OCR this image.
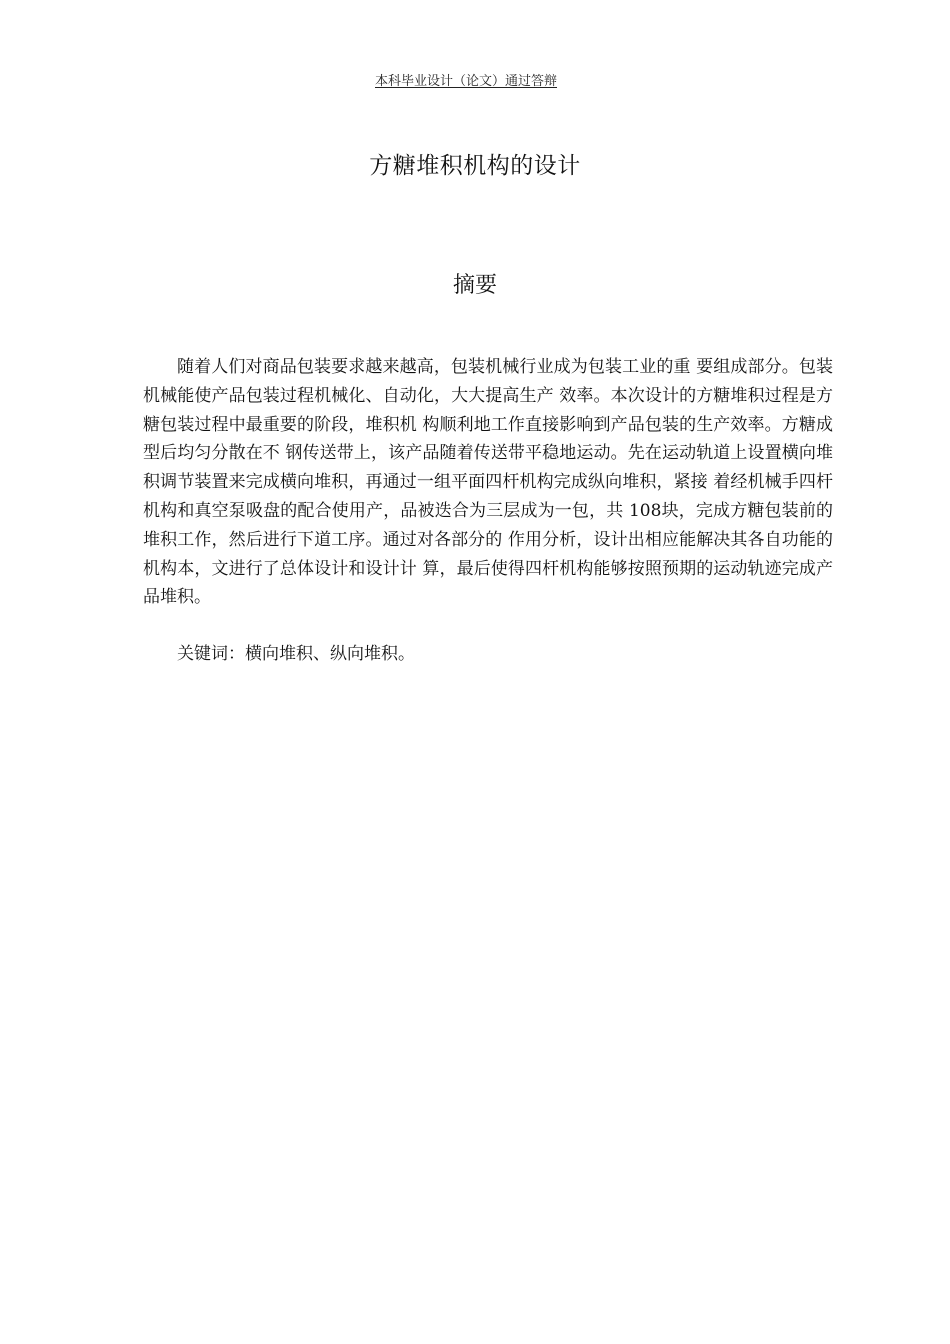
本科毕业设计（论文）通过答辩
方糖堆积机构的设计
摘要

随着人们对商品包装要求越来越高，包装机械行业成为包装工业的重 要组成部分。包装机械能使产品包装过程机械化、自动化，大大提高生产 效率。本次设计的方糖堆积过程是方糖包装过程中最重要的阶段，堆积机 构顺利地工作直接影响到产品包装的生产效率。方糖成型后均匀分散在不 钢传送带上，该产品随着传送带平稳地运动。先在运动轨道上设置横向堆 积调节装置来完成横向堆积，再通过一组平面四杆机构完成纵向堆积，紧接 着经机械手四杆机构和真空泵吸盘的配合使用产，品被迭合为三层成为一包，共 108块，完成方糖包装前的堆积工作，然后进行下道工序。通过对各部分的 作用分析，设计出相应能解决其各自功能的机构本，文进行了总体设计和设计计 算，最后使得四杆机构能够按照预期的运动轨迹完成产品堆积。

关键词：横向堆积、纵向堆积。
